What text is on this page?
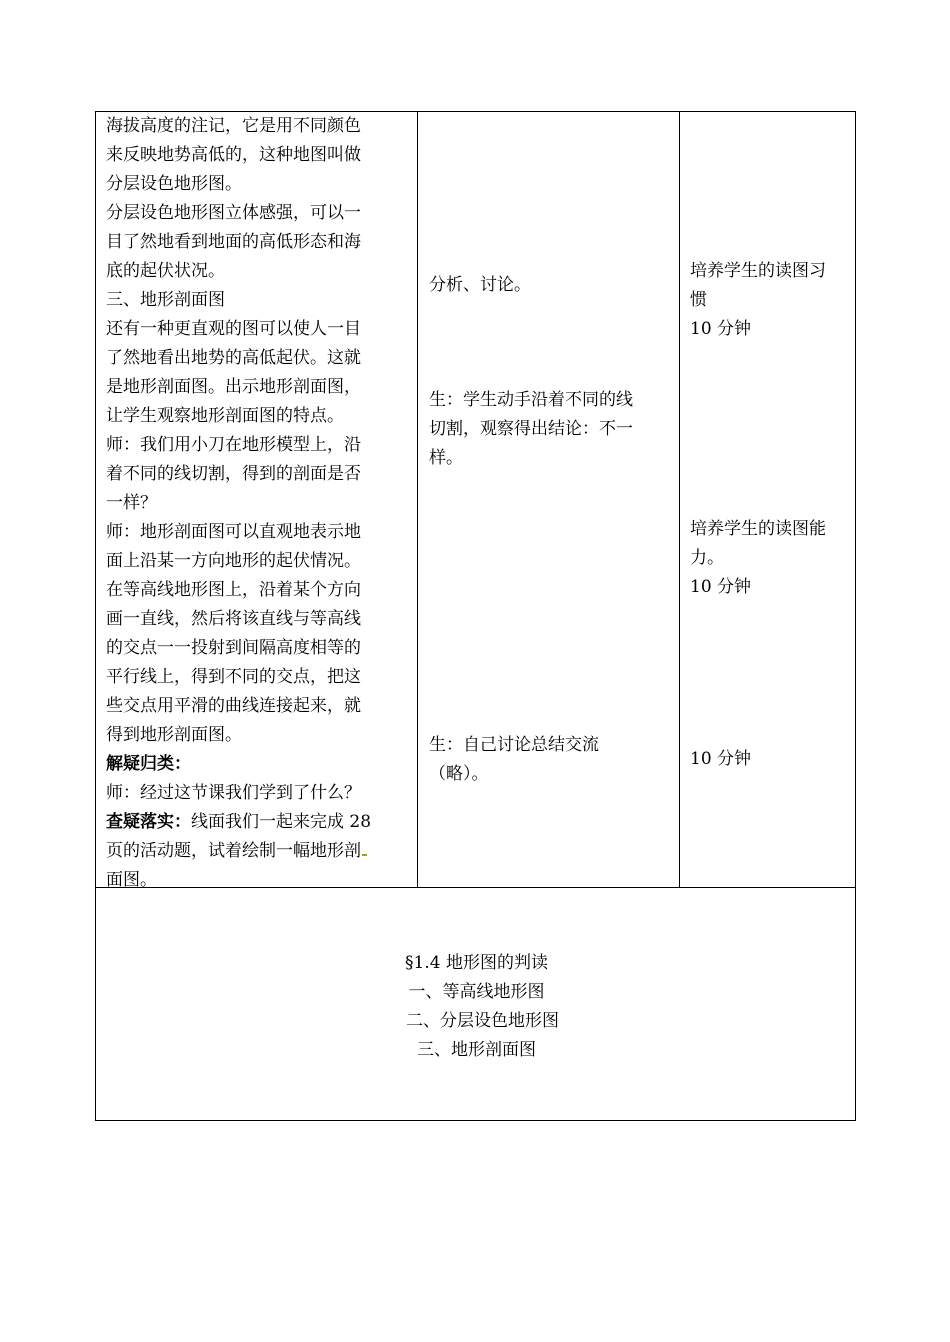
海拔高度的注记，它是用不同颜色

来反映地势高低的，这种地图叫做

分层设色地形图。

分层设色地形图立体感强，可以一

目了然地看到地面的高低形态和海

底的起伏状况。

三、地形剖面图

还有一种更直观的图可以使人一目

了然地看出地势的高低起伏。这就

是地形剖面图。出示地形剖面图，

让学生观察地形剖面图的特点。

师：我们用小刀在地形模型上，沿

着不同的线切割，得到的剖面是否

一样？

师：地形剖面图可以直观地表示地

面上沿某一方向地形的起伏情况。

在等高线地形图上，沿着某个方向

画一直线，然后将该直线与等高线

的交点一一投射到间隔高度相等的

平行线上，得到不同的交点，把这

些交点用平滑的曲线连接起来，就

得到地形剖面图。

解疑归类：

师：经过这节课我们学到了什么？

查疑落实：线面我们一起来完成 28

页的活动题，试着绘制一幅地形剖

面图。

分析、讨论。

生：学生动手沿着不同的线

切割，观察得出结论：不一

样。

生：自己讨论总结交流

（略）。

培养学生的读图习

惯

10 分钟

培养学生的读图能

力。

10 分钟

10 分钟

§1.4 地形图的判读

一、等高线地形图

二、分层设色地形图

三、地形剖面图
